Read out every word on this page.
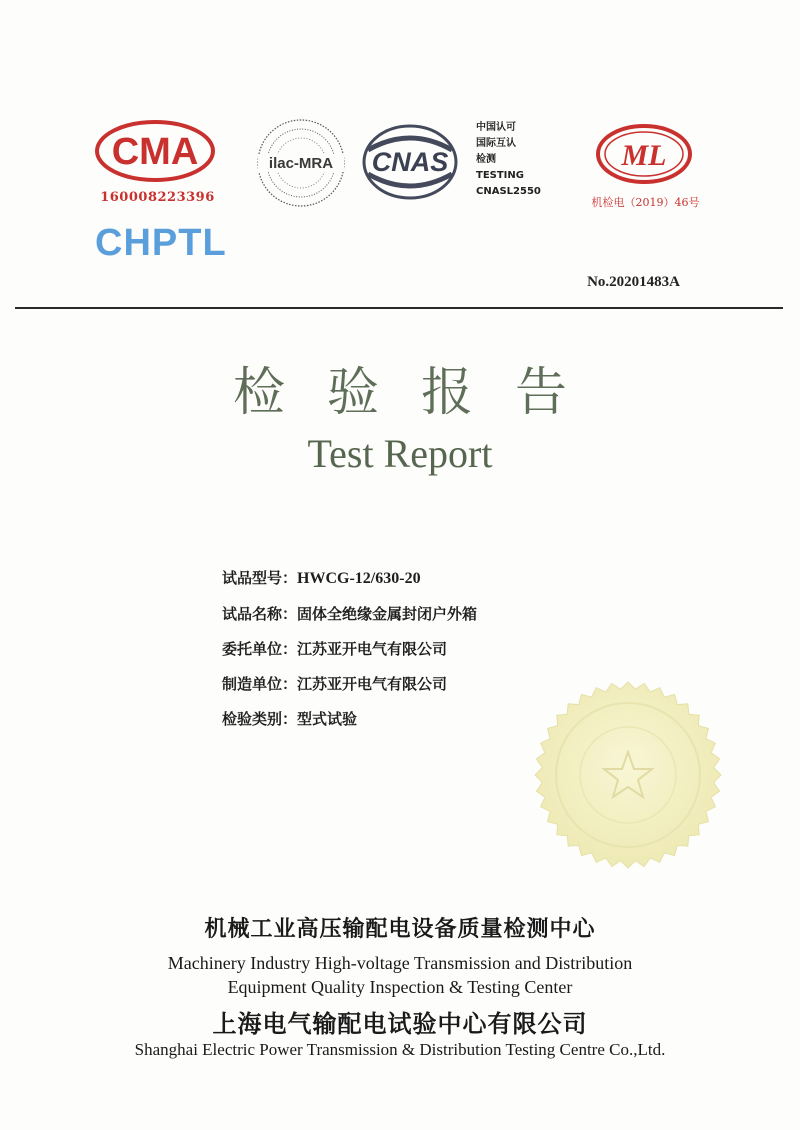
CMA
160008223396
CHPTL
ilac-MRA CNAS
中国认可
国际互认
检测
TESTING
CNASL2550
ML
机检电（2019）46号
No.20201483A
检验报告
Test Report
试品型号：HWCG-12/630-20
试品名称：固体全绝缘金属封闭户外箱
委托单位：江苏亚开电气有限公司
制造单位：江苏亚开电气有限公司
检验类别：型式试验
机械工业高压输配电设备质量检测中心
Machinery Industry High-voltage Transmission and Distribution
Equipment Quality Inspection & Testing Center
上海电气输配电试验中心有限公司
Shanghai Electric Power Transmission & Distribution Testing Centre Co.,Ltd.
